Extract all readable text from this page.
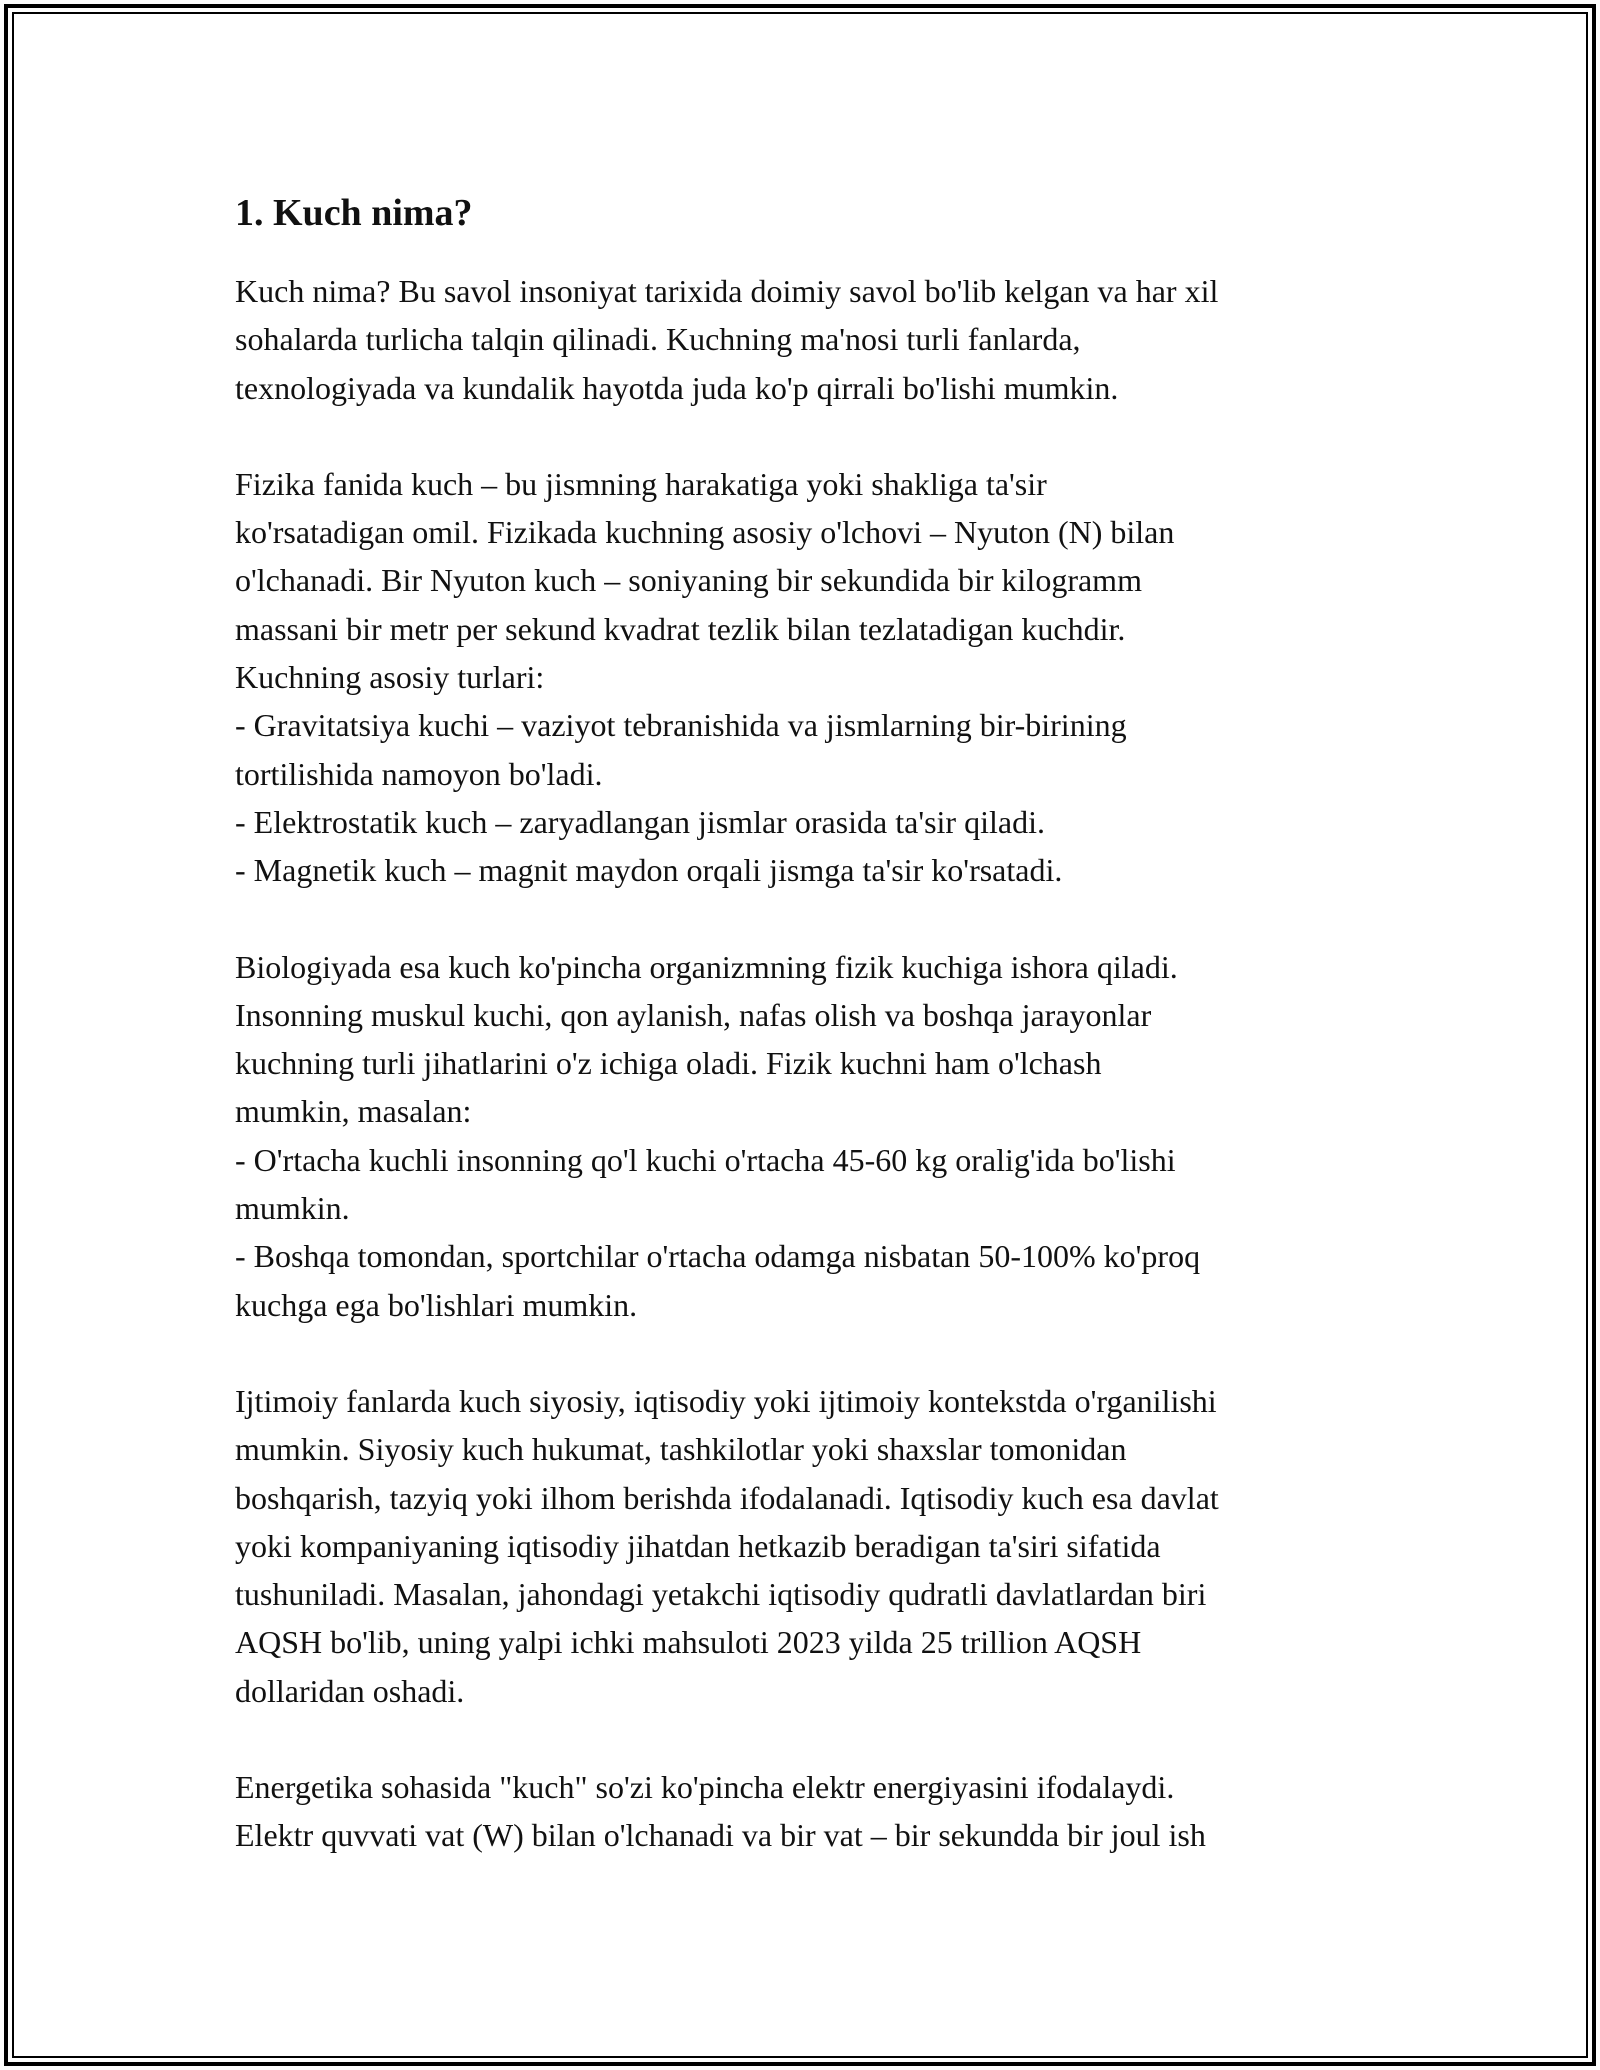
1. Kuch nima?
Kuch nima? Bu savol insoniyat tarixida doimiy savol bo'lib kelgan va har xil
sohalarda turlicha talqin qilinadi. Kuchning ma'nosi turli fanlarda,
texnologiyada va kundalik hayotda juda ko'p qirrali bo'lishi mumkin.
Fizika fanida kuch – bu jismning harakatiga yoki shakliga ta'sir
ko'rsatadigan omil. Fizikada kuchning asosiy o'lchovi – Nyuton (N) bilan
o'lchanadi. Bir Nyuton kuch – soniyaning bir sekundida bir kilogramm
massani bir metr per sekund kvadrat tezlik bilan tezlatadigan kuchdir.
Kuchning asosiy turlari:
- Gravitatsiya kuchi – vaziyot tebranishida va jismlarning bir-birining
tortilishida namoyon bo'ladi.
- Elektrostatik kuch – zaryadlangan jismlar orasida ta'sir qiladi.
- Magnetik kuch – magnit maydon orqali jismga ta'sir ko'rsatadi.
Biologiyada esa kuch ko'pincha organizmning fizik kuchiga ishora qiladi.
Insonning muskul kuchi, qon aylanish, nafas olish va boshqa jarayonlar
kuchning turli jihatlarini o'z ichiga oladi. Fizik kuchni ham o'lchash
mumkin, masalan:
- O'rtacha kuchli insonning qo'l kuchi o'rtacha 45-60 kg oralig'ida bo'lishi
mumkin.
- Boshqa tomondan, sportchilar o'rtacha odamga nisbatan 50-100% ko'proq
kuchga ega bo'lishlari mumkin.
Ijtimoiy fanlarda kuch siyosiy, iqtisodiy yoki ijtimoiy kontekstda o'rganilishi
mumkin. Siyosiy kuch hukumat, tashkilotlar yoki shaxslar tomonidan
boshqarish, tazyiq yoki ilhom berishda ifodalanadi. Iqtisodiy kuch esa davlat
yoki kompaniyaning iqtisodiy jihatdan hetkazib beradigan ta'siri sifatida
tushuniladi. Masalan, jahondagi yetakchi iqtisodiy qudratli davlatlardan biri
AQSH bo'lib, uning yalpi ichki mahsuloti 2023 yilda 25 trillion AQSH
dollaridan oshadi.
Energetika sohasida "kuch" so'zi ko'pincha elektr energiyasini ifodalaydi.
Elektr quvvati vat (W) bilan o'lchanadi va bir vat – bir sekundda bir joul ish
